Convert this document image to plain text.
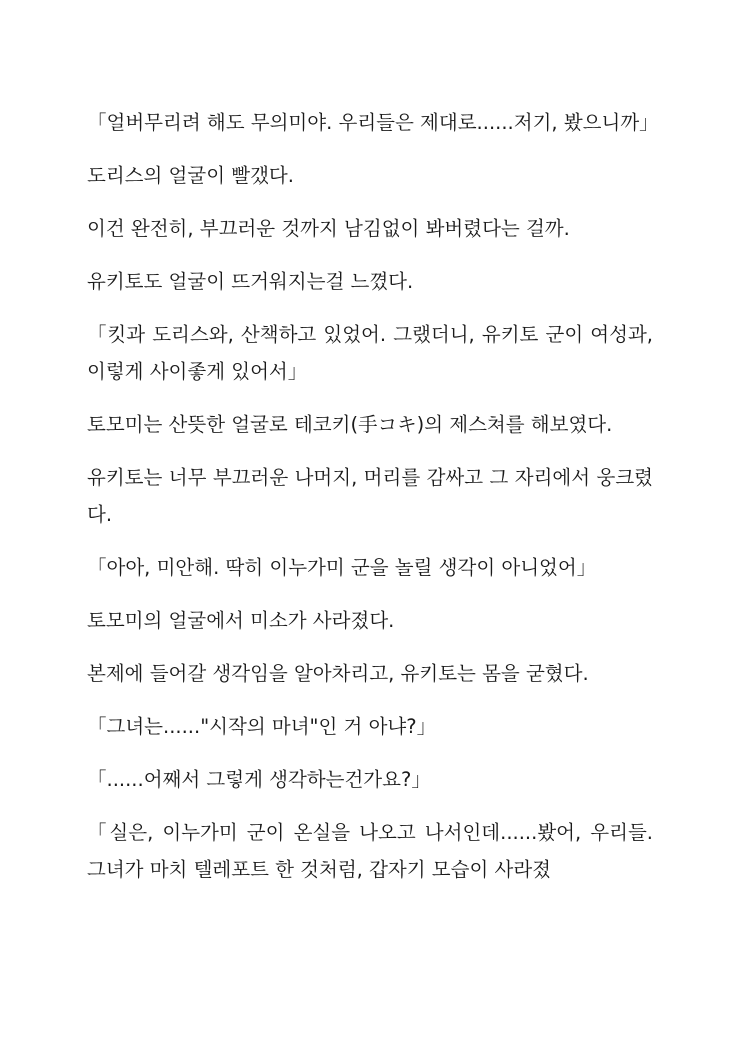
「얼버무리려 해도 무의미야. 우리들은 제대로......저기, 봤으니까」

도리스의 얼굴이 빨갰다.

이건 완전히, 부끄러운 것까지 남김없이 봐버렸다는 걸까.

유키토도 얼굴이 뜨거워지는걸 느꼈다.

「킷과 도리스와, 산책하고 있었어. 그랬더니, 유키토 군이 여성과, 이렇게 사이좋게 있어서」

토모미는 산뜻한 얼굴로 테코키(手コキ)의 제스쳐를 해보였다.

유키토는 너무 부끄러운 나머지, 머리를 감싸고 그 자리에서 웅크렸다.

「아아, 미안해. 딱히 이누가미 군을 놀릴 생각이 아니었어」

토모미의 얼굴에서 미소가 사라졌다.

본제에 들어갈 생각임을 알아차리고, 유키토는 몸을 굳혔다.

「그녀는......"시작의 마녀"인 거 아냐?」

「......어째서 그렇게 생각하는건가요?」

「실은, 이누가미 군이 온실을 나오고 나서인데......봤어, 우리들. 그녀가 마치 텔레포트 한 것처럼, 갑자기 모습이 사라졌
